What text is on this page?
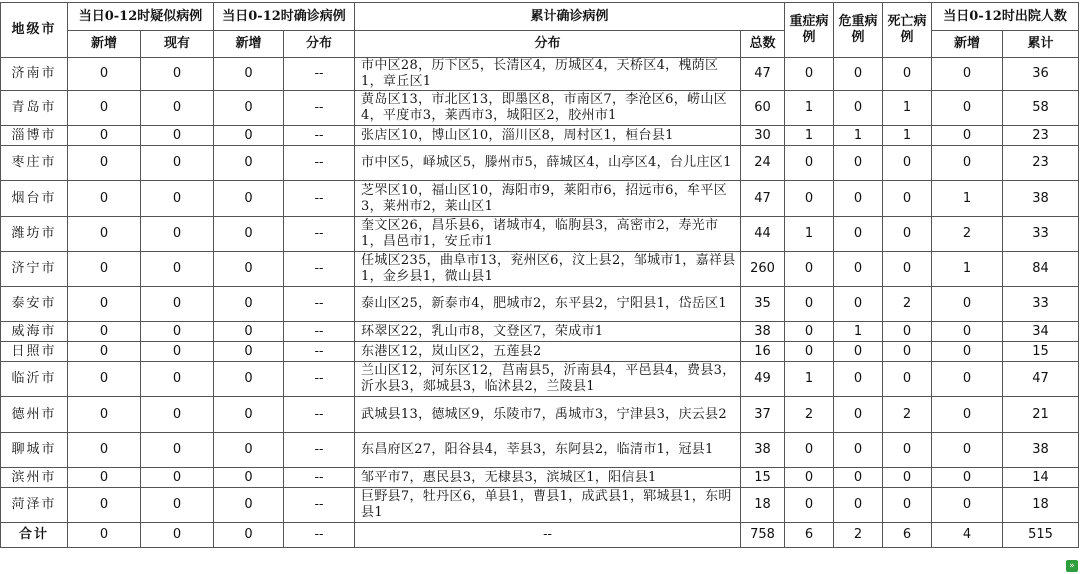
地级市	当日0-12时疑似病例		当日0-12时确诊病例		累计确诊病例		重症病例	危重病例	死亡病例	当日0-12时出院人数	
	新增	现有	新增	分布	分布	总数				新增	累计
济南市	0	0	0	--	市中区28，历下区5，长清区4，历城区4，天桥区4，槐荫区1，章丘区1	47	0	0	0	0	36
青岛市	0	0	0	--	黄岛区13，市北区13，即墨区8，市南区7，李沧区6，崂山区4，平度市3，莱西市3，城阳区2，胶州市1	60	1	0	1	0	58
淄博市	0	0	0	--	张店区10，博山区10，淄川区8，周村区1，桓台县1	30	1	1	1	0	23
枣庄市	0	0	0	--	市中区5，峄城区5，滕州市5，薛城区4，山亭区4，台儿庄区1	24	0	0	0	0	23
烟台市	0	0	0	--	芝罘区10，福山区10，海阳市9，莱阳市6，招远市6，牟平区3，莱州市2，莱山区1	47	0	0	0	1	38
潍坊市	0	0	0	--	奎文区26，昌乐县6，诸城市4，临朐县3，高密市2，寿光市1，昌邑市1，安丘市1	44	1	0	0	2	33
济宁市	0	0	0	--	任城区235，曲阜市13，兖州区6，汶上县2，邹城市1，嘉祥县1，金乡县1，微山县1	260	0	0	0	1	84
泰安市	0	0	0	--	泰山区25，新泰市4，肥城市2，东平县2，宁阳县1，岱岳区1	35	0	0	2	0	33
威海市	0	0	0	--	环翠区22，乳山市8，文登区7，荣成市1	38	0	1	0	0	34
日照市	0	0	0	--	东港区12，岚山区2，五莲县2	16	0	0	0	0	15
临沂市	0	0	0	--	兰山区12，河东区12，莒南县5，沂南县4，平邑县4，费县3，沂水县3，郯城县3，临沭县2，兰陵县1	49	1	0	0	0	47
德州市	0	0	0	--	武城县13，德城区9，乐陵市7，禹城市3，宁津县3，庆云县2	37	2	0	2	0	21
聊城市	0	0	0	--	东昌府区27，阳谷县4，莘县3，东阿县2，临清市1，冠县1	38	0	0	0	0	38
滨州市	0	0	0	--	邹平市7，惠民县3，无棣县3，滨城区1，阳信县1	15	0	0	0	0	14
菏泽市	0	0	0	--	巨野县7，牡丹区6，单县1，曹县1，成武县1，郓城县1，东明县1	18	0	0	0	0	18
合计	0	0	0	--	--	758	6	2	6	4	515
»
